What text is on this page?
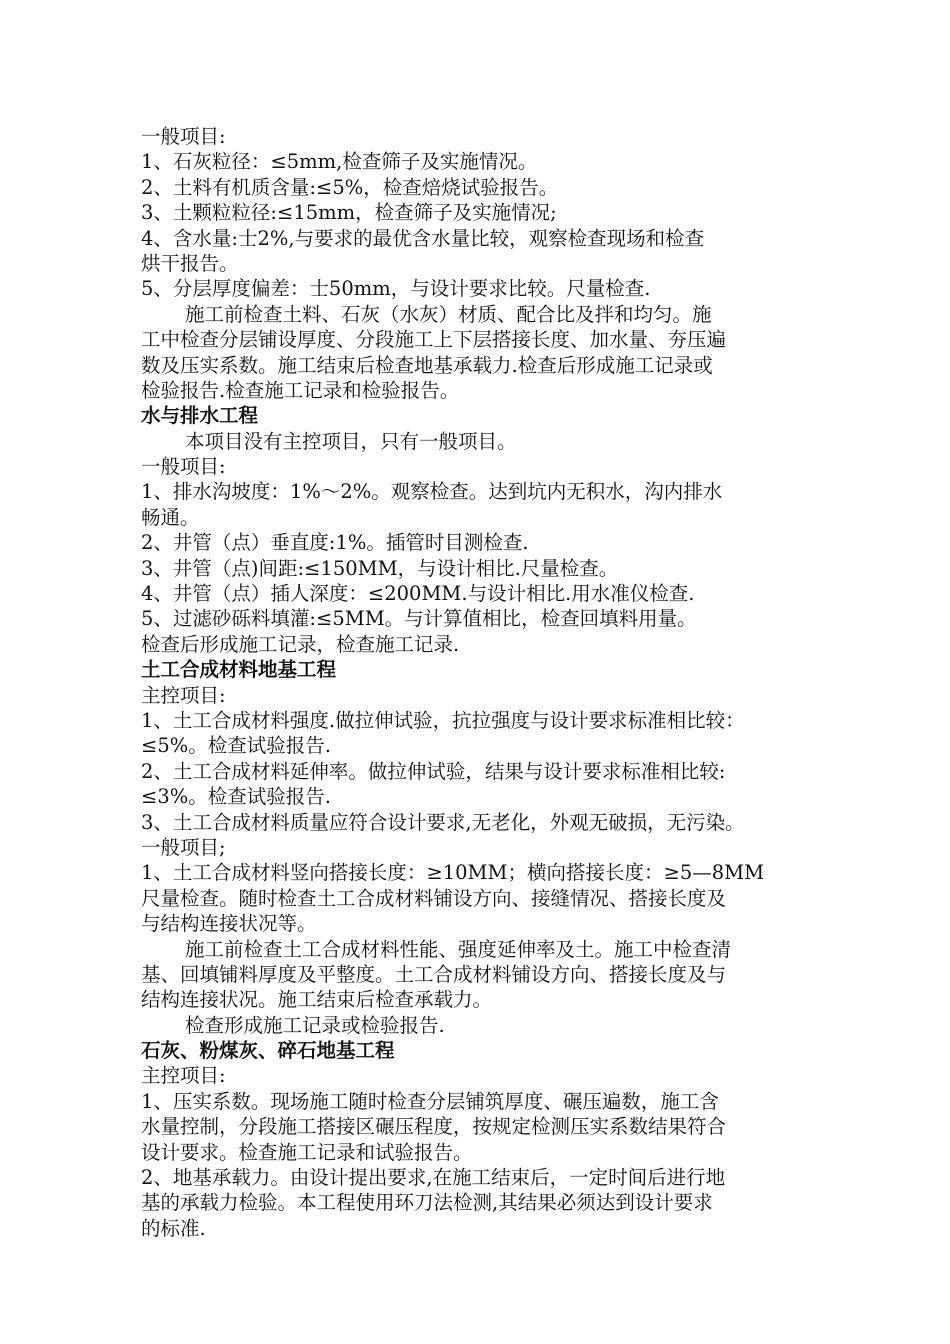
一般项目:
1、石灰粒径：≤5mm,检查筛子及实施情况。
2、土料有机质含量:≤5%，检查焙烧试验报告。
3、土颗粒粒径:≤15mm，检查筛子及实施情况;
4、含水量:士2%,与要求的最优含水量比较，观察检查现场和检查
烘干报告。
5、分层厚度偏差：士50mm，与设计要求比较。尺量检查.
施工前检查土料、石灰（水灰）材质、配合比及拌和均匀。施
工中检查分层铺设厚度、分段施工上下层搭接长度、加水量、夯压遍
数及压实系数。施工结束后检查地基承载力.检查后形成施工记录或
检验报告.检查施工记录和检验报告。
水与排水工程
本项目没有主控项目，只有一般项目。
一般项目:
1、排水沟坡度：1%～2%。观察检查。达到坑内无积水，沟内排水
畅通。
2、井管（点）垂直度:1%。插管时目测检查.
3、井管（点)间距:≤150MM，与设计相比.尺量检查。
4、井管（点）插人深度：≤200MM.与设计相比.用水准仪检查.
5、过滤砂砾料填灌:≤5MM。与计算值相比，检查回填料用量。
检查后形成施工记录，检查施工记录.
土工合成材料地基工程
主控项目:
1、土工合成材料强度.做拉伸试验，抗拉强度与设计要求标准相比较：
≤5%。检查试验报告.
2、土工合成材料延伸率。做拉伸试验，结果与设计要求标准相比较:
≤3%。检查试验报告.
3、土工合成材料质量应符合设计要求,无老化，外观无破损，无污染。
一般项目;
1、土工合成材料竖向搭接长度：≥10MM；横向搭接长度：≥5—8MM
尺量检查。随时检查土工合成材料铺设方向、接缝情况、搭接长度及
与结构连接状况等。
施工前检查土工合成材料性能、强度延伸率及土。施工中检查清
基、回填铺料厚度及平整度。土工合成材料铺设方向、搭接长度及与
结构连接状况。施工结束后检查承载力。
检查形成施工记录或检验报告.
石灰、粉煤灰、碎石地基工程
主控项目:
1、压实系数。现场施工随时检查分层铺筑厚度、碾压遍数，施工含
水量控制，分段施工搭接区碾压程度，按规定检测压实系数结果符合
设计要求。检查施工记录和试验报告。
2、地基承载力。由设计提出要求,在施工结束后，一定时间后进行地
基的承载力检验。本工程使用环刀法检测,其结果必须达到设计要求
的标准.
